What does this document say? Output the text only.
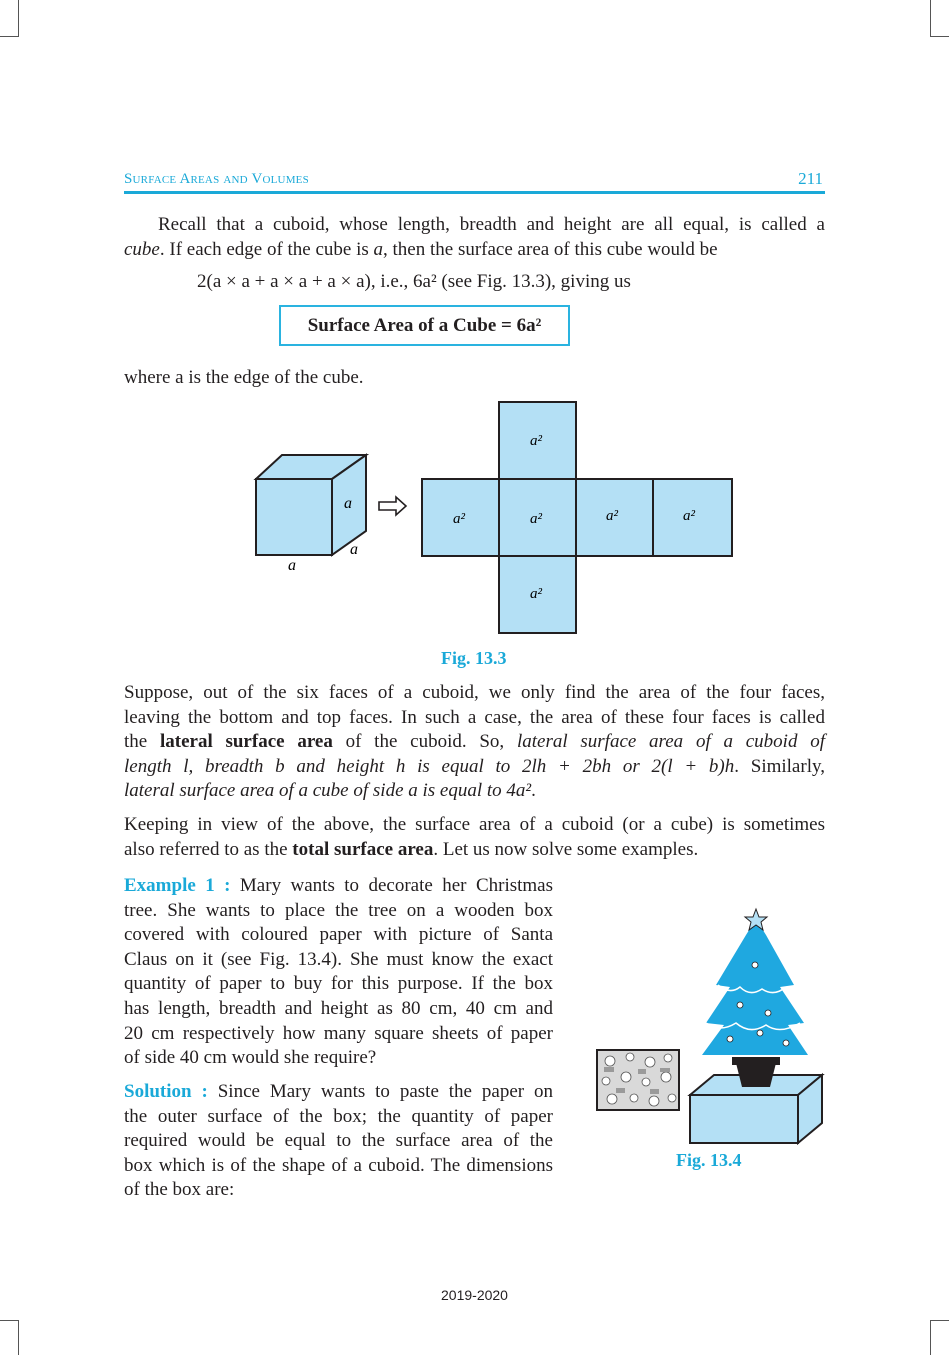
Surface Areas and Volumes	211
Recall that a cuboid, whose length, breadth and height are all equal, is called a
cube. If each edge of the cube is a, then the surface area of this cube would be
2(a × a + a × a + a × a), i.e., 6a² (see Fig. 13.3), giving us
Surface Area of a Cube = 6a²
where a is the edge of the cube.
a
a
a
a²
a²	a²	a²	a²
a²
Fig. 13.3
Suppose, out of the six faces of a cuboid, we only find the area of the four faces,
leaving the bottom and top faces. In such a case, the area of these four faces is called
the lateral surface area of the cuboid. So, lateral surface area of a cuboid of
length l, breadth b and height h is equal to 2lh + 2bh or 2(l + b)h. Similarly,
lateral surface area of a cube of side a is equal to 4a².
Keeping in view of the above, the surface area of a cuboid (or a cube) is sometimes
also referred to as the total surface area. Let us now solve some examples.
Example 1 : Mary wants to decorate her Christmas
tree. She wants to place the tree on a wooden box
covered with coloured paper with picture of Santa
Claus on it (see Fig. 13.4). She must know the exact
quantity of paper to buy for this purpose. If the box
has length, breadth and height as 80 cm, 40 cm and
20 cm respectively how many square sheets of paper
of side 40 cm would she require?
Solution : Since Mary wants to paste the paper on
the outer surface of the box; the quantity of paper
required would be equal to the surface area of the
box which is of the shape of a cuboid. The dimensions
of the box are:
Fig. 13.4
2019-2020
